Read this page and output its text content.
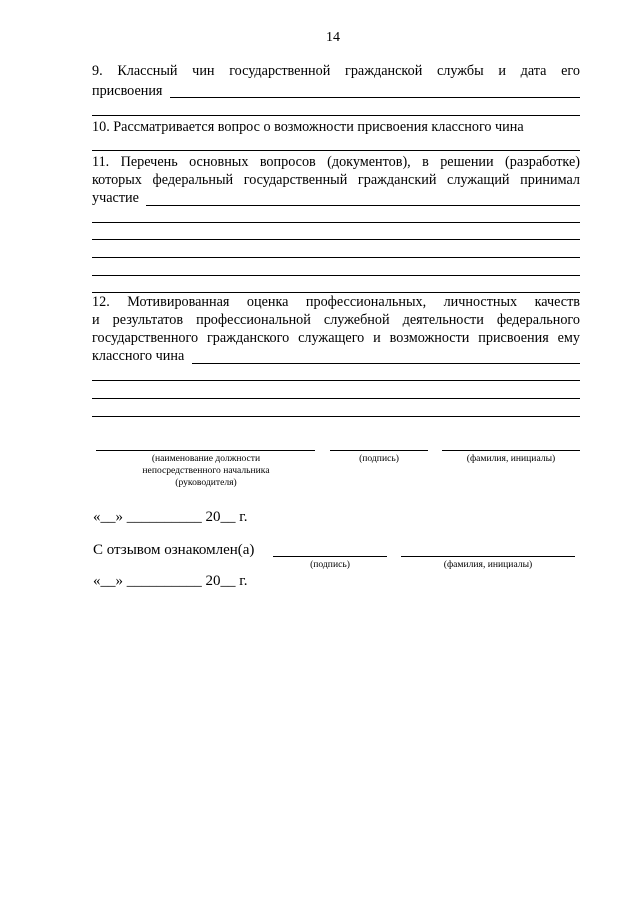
14
9. Классный чин государственной гражданской службы и дата его
присвоения
10. Рассматривается вопрос о возможности присвоения классного чина
11. Перечень основных вопросов (документов), в решении (разработке)
которых федеральный государственный гражданский служащий принимал
участие
12. Мотивированная оценка профессиональных, личностных качеств
и результатов профессиональной служебной деятельности федерального
государственного гражданского служащего и возможности присвоения ему
классного чина
(наименование должности
непосредственного начальника
(руководителя)
(подпись)	(фамилия, инициалы)
«__» __________ 20__ г.
С отзывом ознакомлен(а)
(подпись)	(фамилия, инициалы)
«__» __________ 20__ г.
